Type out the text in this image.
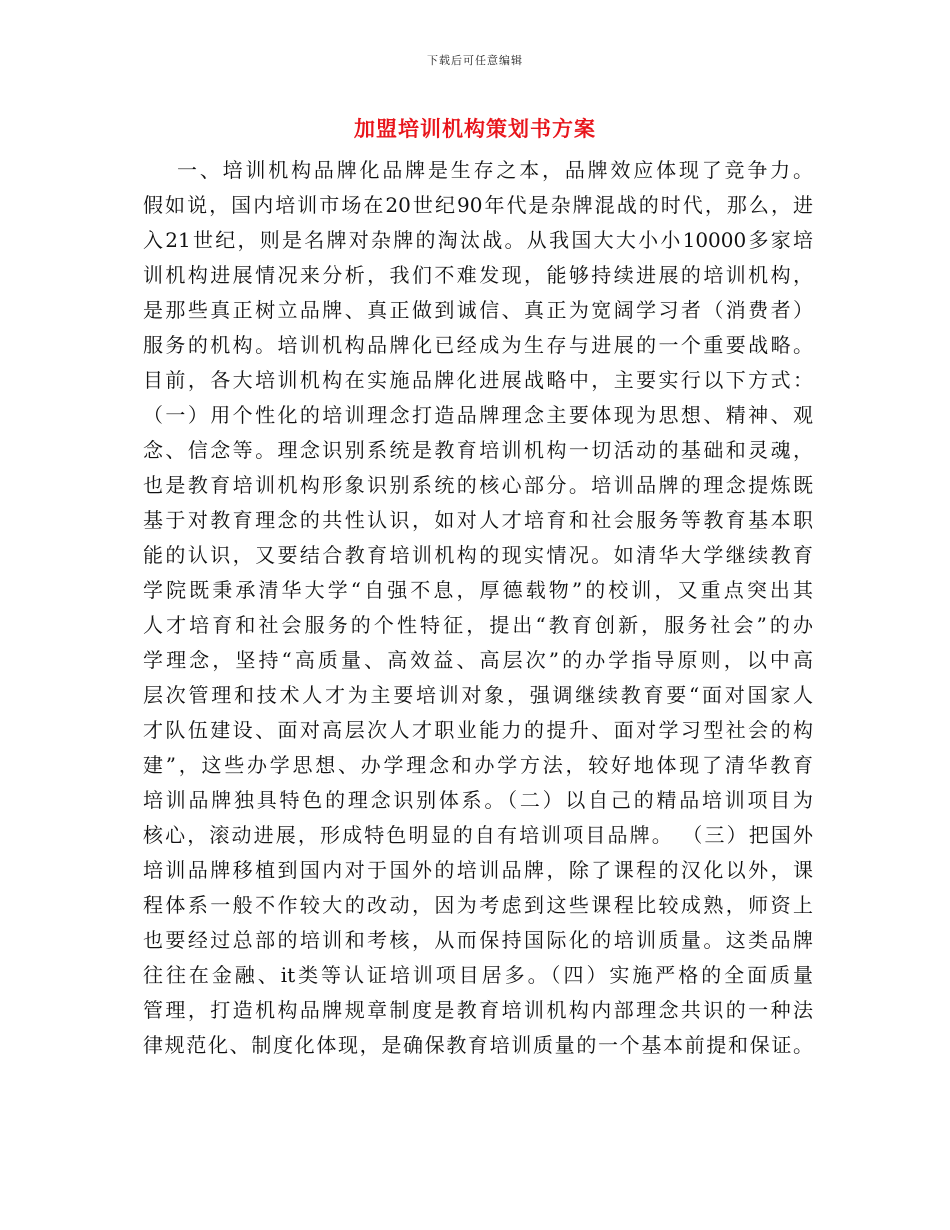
下载后可任意编辑
加盟培训机构策划书方案
一、培训机构品牌化品牌是生存之本，品牌效应体现了竞争力。
假如说，国内培训市场在20世纪90年代是杂牌混战的时代，那么，进
入21世纪，则是名牌对杂牌的淘汰战。从我国大大小小10000多家培
训机构进展情况来分析，我们不难发现，能够持续进展的培训机构，
是那些真正树立品牌、真正做到诚信、真正为宽阔学习者（消费者）
服务的机构。培训机构品牌化已经成为生存与进展的一个重要战略。
目前，各大培训机构在实施品牌化进展战略中，主要实行以下方式：
（一）用个性化的培训理念打造品牌理念主要体现为思想、精神、观
念、信念等。理念识别系统是教育培训机构一切活动的基础和灵魂，
也是教育培训机构形象识别系统的核心部分。培训品牌的理念提炼既
基于对教育理念的共性认识，如对人才培育和社会服务等教育基本职
能的认识，又要结合教育培训机构的现实情况。如清华大学继续教育
学院既秉承清华大学“自强不息，厚德载物”的校训，又重点突出其
人才培育和社会服务的个性特征，提出“教育创新，服务社会”的办
学理念，坚持“高质量、高效益、高层次”的办学指导原则，以中高
层次管理和技术人才为主要培训对象，强调继续教育要“面对国家人
才队伍建设、面对高层次人才职业能力的提升、面对学习型社会的构
建”，这些办学思想、办学理念和办学方法，较好地体现了清华教育
培训品牌独具特色的理念识别体系。（二）以自己的精品培训项目为
核心，滚动进展，形成特色明显的自有培训项目品牌。 （三）把国外
培训品牌移植到国内对于国外的培训品牌，除了课程的汉化以外，课
程体系一般不作较大的改动，因为考虑到这些课程比较成熟，师资上
也要经过总部的培训和考核，从而保持国际化的培训质量。这类品牌
往往在金融、it类等认证培训项目居多。（四）实施严格的全面质量
管理，打造机构品牌规章制度是教育培训机构内部理念共识的一种法
律规范化、制度化体现，是确保教育培训质量的一个基本前提和保证。
